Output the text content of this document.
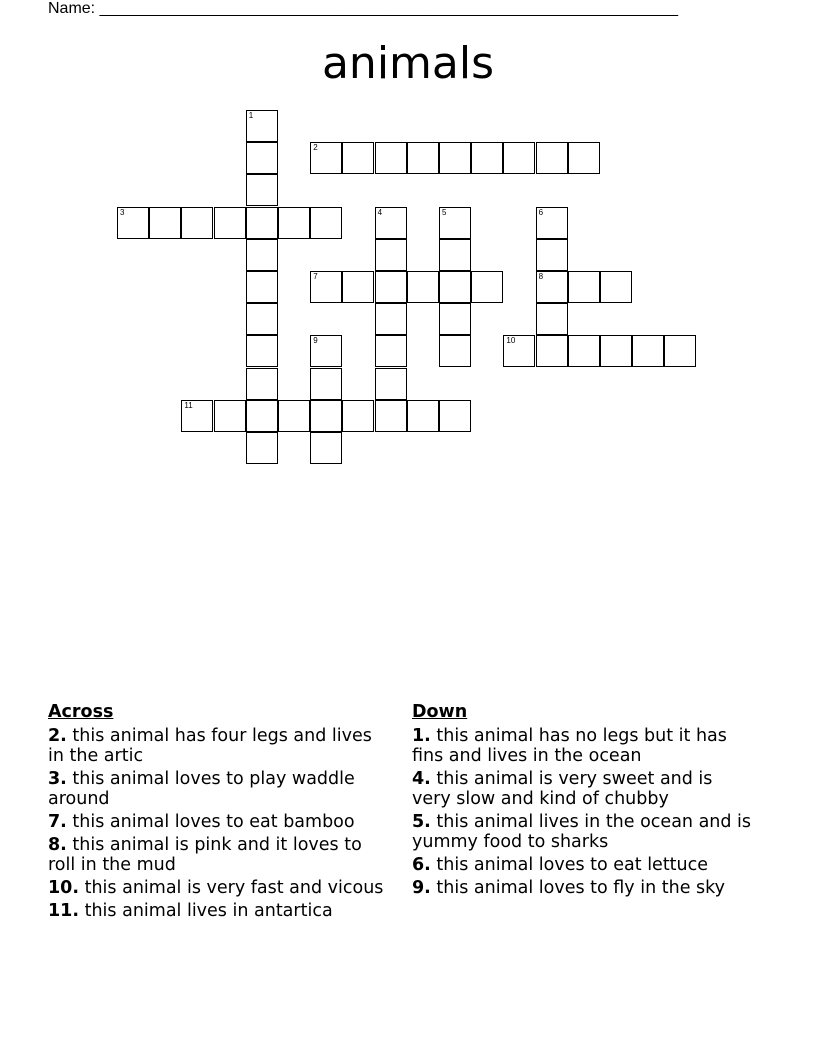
Name: _________________________________________________________________
animals
2
3
7	8
10
11
1
4	5	6
9
Across
2. this animal has four legs and lives in the artic
3. this animal loves to play waddle around
7. this animal loves to eat bamboo
8. this animal is pink and it loves to roll in the mud
10. this animal is very fast and vicous
11. this animal lives in antartica
Down
1. this animal has no legs but it has fins and lives in the ocean
4. this animal is very sweet and is very slow and kind of chubby
5. this animal lives in the ocean and is yummy food to sharks
6. this animal loves to eat lettuce
9. this animal loves to fly in the sky
